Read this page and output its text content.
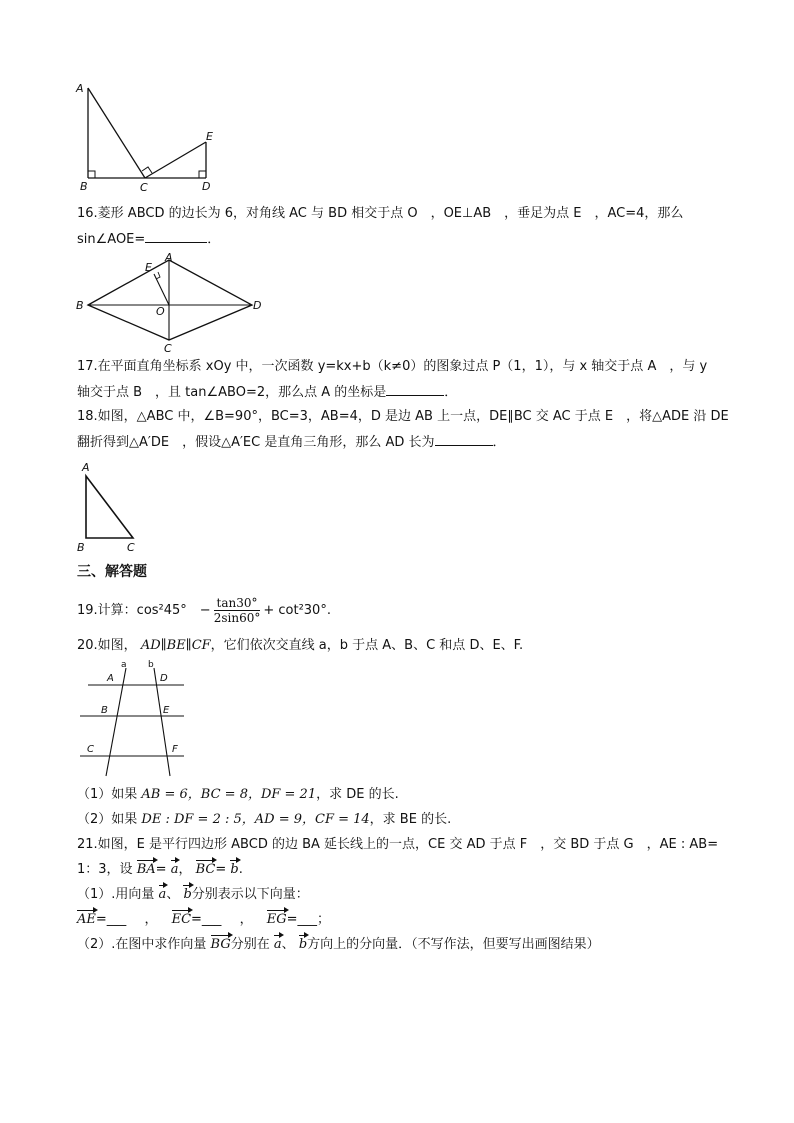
A
B	C	D
E
16.菱形 ABCD 的边长为 6，对角线 AC 与 BD 相交于点 O　，OE⊥AB　，垂足为点 E　，AC=4，那么
sin∠AOE=	．
A
B
C
D
E
O
17.在平面直角坐标系 xOy 中，一次函数 y=kx+b（k≠0）的图象过点 P（1，1），与 x 轴交于点 A　，与 y
轴交于点 B　，且 tan∠ABO=2，那么点 A 的坐标是	．
18.如图，△ABC 中，∠B=90°，BC=3，AB=4，D 是边 AB 上一点，DE∥BC 交 AC 于点 E　，将△ADE 沿 DE
翻折得到△A′DE　，假设△A′EC 是直角三角形，那么 AD 长为	．
A
B	C
三、解答题
19.计算：cos²45°　− $\frac{\tan 30^\circ}{2\sin 60^\circ} + \cot^230^\circ$.
20.如图， AD∥BE∥CF，它们依次交直线 a，b 于点 A、B、C 和点 D、E、F.
a b
A	D
B	E
C	F
（1）如果 AB = 6，BC = 8，DF = 21，求 DE 的长.
（2）如果 DE : DF = 2 : 5，AD = 9，CF = 14，求 BE 的长.
21.如图，E 是平行四边形 ABCD 的边 BA 延长线上的一点，CE 交 AD 于点 F　，交 BD 于点 G　，AE : AB=
1：3，设 BA= a， BC= b.
（1）.用向量 a、 b分别表示以下向量：
AE=___ ， EC=___ ， EG=___；
（2）.在图中求作向量 BG分别在 a、 b方向上的分向量．（不写作法，但要写出画图结果）
